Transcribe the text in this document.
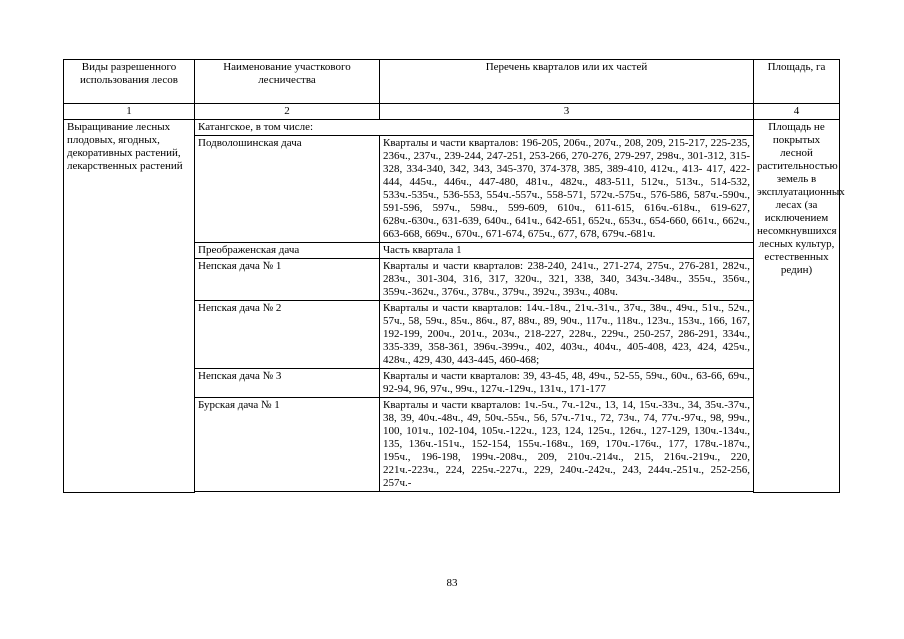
Виды разрешенного использования лесов	Наименование участкового лесничества	Перечень кварталов или их частей	Площадь, га
1	2	3	4
Выращивание лесных плодовых, ягодных, декоративных растений, лекарственных растений	Катангское, в том числе:		Площадь не покрытых лесной растительностью земель в эксплуатационных лесах (за исключением несомкнувшихся лесных культур, естественных редин)
	Подволошинская дача	Кварталы и части кварталов: 196-205, 206ч., 207ч., 208, 209, 215-217, 225-235, 236ч., 237ч., 239-244, 247-251, 253-266, 270-276, 279-297, 298ч., 301-312, 315-328, 334-340, 342, 343, 345-370, 374-378, 385, 389-410, 412ч., 413- 417, 422-444, 445ч., 446ч., 447-480, 481ч., 482ч., 483-511, 512ч., 513ч., 514-532, 533ч.-535ч., 536-553, 554ч.-557ч., 558-571, 572ч.-575ч., 576-586, 587ч.-590ч., 591-596, 597ч., 598ч., 599-609, 610ч., 611-615, 616ч.-618ч., 619-627, 628ч.-630ч., 631-639, 640ч., 641ч., 642-651, 652ч., 653ч., 654-660, 661ч., 662ч., 663-668, 669ч., 670ч., 671-674, 675ч., 677, 678, 679ч.-681ч.	
	Преображенская дача	Часть квартала 1	
	Непская дача № 1	Кварталы и части кварталов: 238-240, 241ч., 271-274, 275ч., 276-281, 282ч., 283ч., 301-304, 316, 317, 320ч., 321, 338, 340, 343ч.-348ч., 355ч., 356ч., 359ч.-362ч., 376ч., 378ч., 379ч., 392ч., 393ч., 408ч.	
	Непская дача № 2	Кварталы и части кварталов: 14ч.-18ч., 21ч.-31ч., 37ч., 38ч., 49ч., 51ч., 52ч., 57ч., 58, 59ч., 85ч., 86ч., 87, 88ч., 89, 90ч., 117ч., 118ч., 123ч., 153ч., 166, 167, 192-199, 200ч., 201ч., 203ч., 218-227, 228ч., 229ч., 250-257, 286-291, 334ч., 335-339, 358-361, 396ч.-399ч., 402, 403ч., 404ч., 405-408, 423, 424, 425ч., 428ч., 429, 430, 443-445, 460-468;	
	Непская дача № 3	Кварталы и части кварталов: 39, 43-45, 48, 49ч., 52-55, 59ч., 60ч., 63-66, 69ч., 92-94, 96, 97ч., 99ч., 127ч.-129ч., 131ч., 171-177	
	Бурская дача № 1	Кварталы и части кварталов: 1ч.-5ч., 7ч.-12ч., 13, 14, 15ч.-33ч., 34, 35ч.-37ч., 38, 39, 40ч.-48ч., 49, 50ч.-55ч., 56, 57ч.-71ч., 72, 73ч., 74, 77ч.-97ч., 98, 99ч., 100, 101ч., 102-104, 105ч.-122ч., 123, 124, 125ч., 126ч., 127-129, 130ч.-134ч., 135, 136ч.-151ч., 152-154, 155ч.-168ч., 169, 170ч.-176ч., 177, 178ч.-187ч., 195ч., 196-198, 199ч.-208ч., 209, 210ч.-214ч., 215, 216ч.-219ч., 220, 221ч.-223ч., 224, 225ч.-227ч., 229, 240ч.-242ч., 243, 244ч.-251ч., 252-256, 257ч.-	

83
